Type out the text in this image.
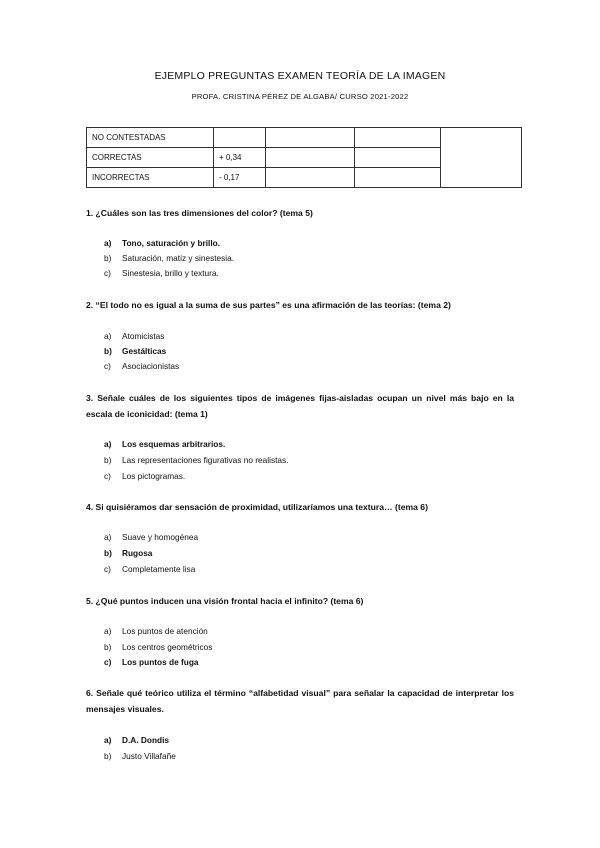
EJEMPLO PREGUNTAS EXAMEN TEORÍA DE LA IMAGEN
PROFA. CRISTINA PÉREZ DE ALGABA/ CURSO 2021-2022
NO CONTESTADAS				
CORRECTAS	+ 0,34			
INCORRECTAS	- 0,17			
1. ¿Cuáles son las tres dimensiones del color? (tema 5)
a) Tono, saturación y brillo.
b) Saturación, matiz y sinestesia.
c) Sinestesia, brillo y textura.
2. “El todo no es igual a la suma de sus partes” es una afirmación de las teorías: (tema 2)
a) Atomicistas
b) Gestálticas
c) Asociacionistas
3. Señale cuáles de los siguientes tipos de imágenes fijas-aisladas ocupan un nivel más bajo en la escala de iconicidad: (tema 1)
a) Los esquemas arbitrarios.
b) Las representaciones figurativas no realistas.
c) Los pictogramas.
4. Si quisiéramos dar sensación de proximidad, utilizaríamos una textura… (tema 6)
a) Suave y homogénea
b) Rugosa
c) Completamente lisa
5. ¿Qué puntos inducen una visión frontal hacia el infinito? (tema 6)
a) Los puntos de atención
b) Los centros geométricos
c) Los puntos de fuga
6. Señale qué teórico utiliza el término “alfabetidad visual” para señalar la capacidad de interpretar los mensajes visuales.
a) D.A. Dondis
b) Justo Villafañe
